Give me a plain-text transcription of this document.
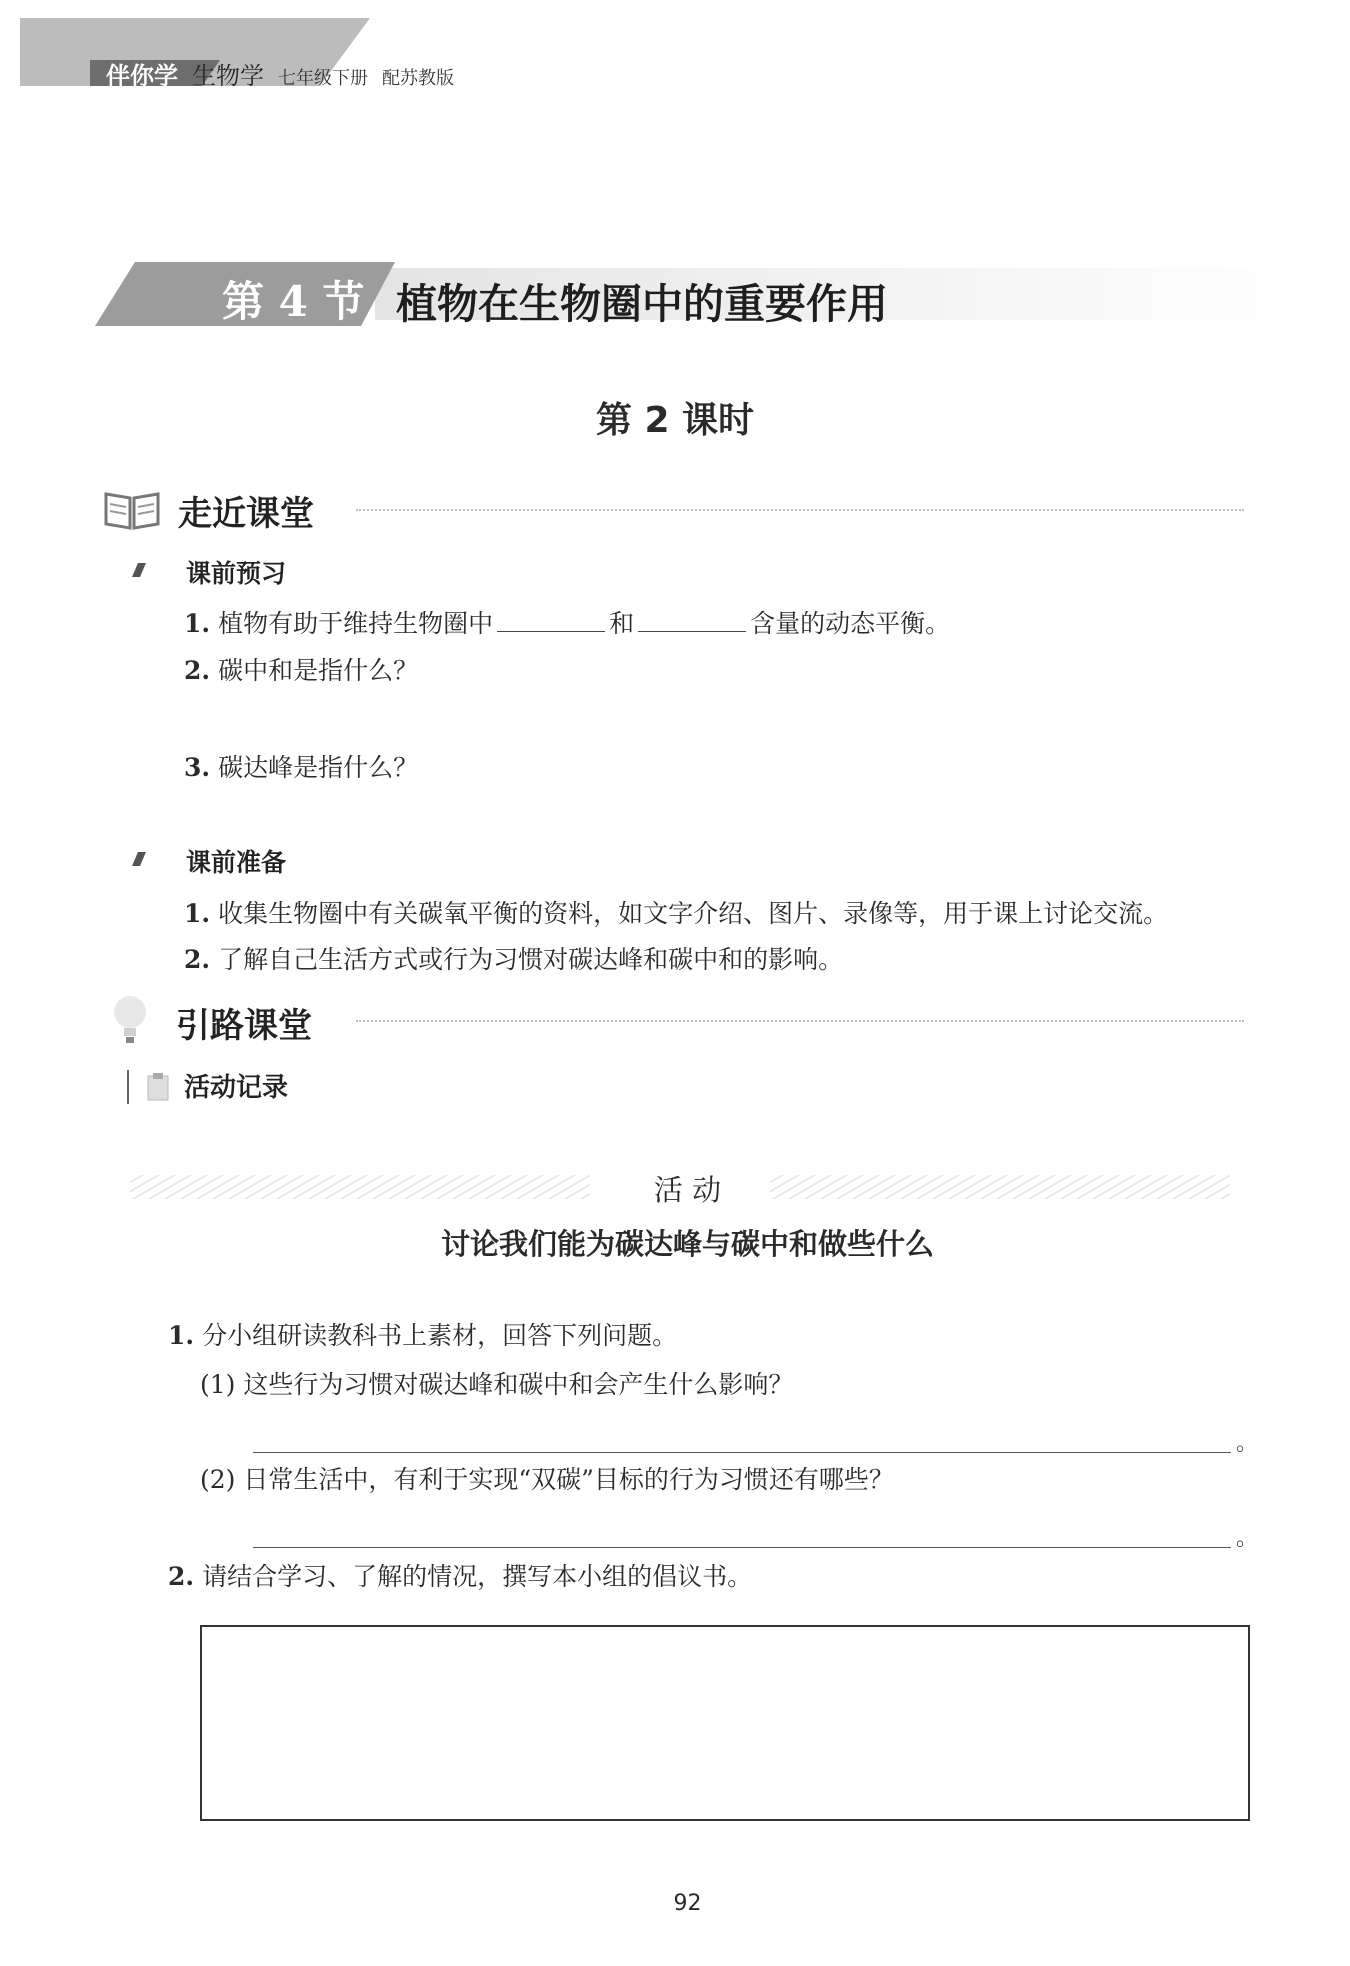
伴你学 生物学 七年级下册 配苏教版
第 4 节 植物在生物圈中的重要作用
第 2 课时
走近课堂
课前预习
1. 植物有助于维持生物圈中	和	含量的动态平衡。
2. 碳中和是指什么？
3. 碳达峰是指什么？
课前准备
1. 收集生物圈中有关碳氧平衡的资料，如文字介绍、图片、录像等，用于课上讨论交流。
2. 了解自己生活方式或行为习惯对碳达峰和碳中和的影响。
引路课堂
活动记录
活 动
讨论我们能为碳达峰与碳中和做些什么
1. 分小组研读教科书上素材，回答下列问题。
(1) 这些行为习惯对碳达峰和碳中和会产生什么影响？
。
(2) 日常生活中，有利于实现“双碳”目标的行为习惯还有哪些？
。
2. 请结合学习、了解的情况，撰写本小组的倡议书。
92
